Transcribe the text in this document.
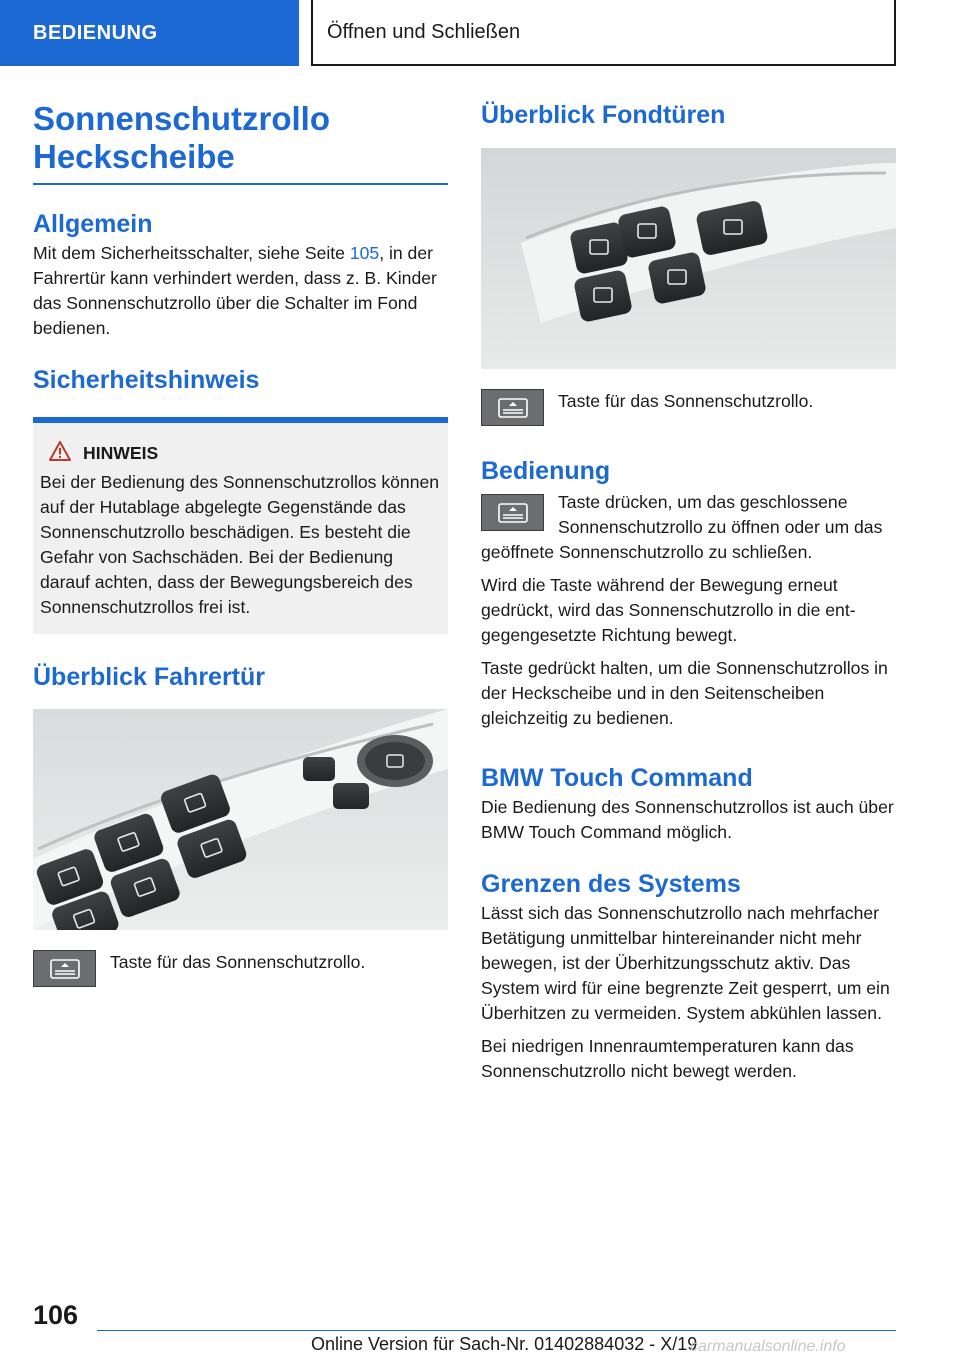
BEDIENUNG	Öffnen und Schließen
Sonnenschutzrollo
Heckscheibe
Allgemein

Mit dem Sicherheitsschalter, siehe Seite 105, in der Fahrertür kann verhindert werden, dass z. B. Kinder das Sonnenschutzrollo über die Schalter im Fond bedienen.

Sicherheitshinweis
HINWEIS

Bei der Bedienung des Sonnenschutzrollos können auf der Hutablage abgelegte Gegenstände das Sonnenschutzrollo beschädigen. Es besteht die Gefahr von Sachschäden. Bei der Bedienung darauf achten, dass der Bewegungsbereich des Sonnenschutzrollos frei ist.

Überblick Fahrertür

Taste für das Sonnenschutzrollo.

Überblick Fondtüren

Taste für das Sonnenschutzrollo.

Bedienung

Taste drücken, um das geschlossene Sonnenschutzrollo zu öffnen oder um das geöffnete Sonnenschutzrollo zu schließen.

Wird die Taste während der Bewegung erneut gedrückt, wird das Sonnenschutzrollo in die entgegengesetzte Richtung bewegt.

Taste gedrückt halten, um die Sonnenschutzrollos in der Heckscheibe und in den Seitenscheiben gleichzeitig zu bedienen.

BMW Touch Command

Die Bedienung des Sonnenschutzrollos ist auch über BMW Touch Command möglich.

Grenzen des Systems

Lässt sich das Sonnenschutzrollo nach mehrfacher Betätigung unmittelbar hintereinander nicht mehr bewegen, ist der Überhitzungsschutz aktiv. Das System wird für eine begrenzte Zeit gesperrt, um ein Überhitzen zu vermeiden. System abkühlen lassen.

Bei niedrigen Innenraumtemperaturen kann das Sonnenschutzrollo nicht bewegt werden.

106
Online Version für Sach-Nr. 01402884032 - X/19
carmanualsonline.info
